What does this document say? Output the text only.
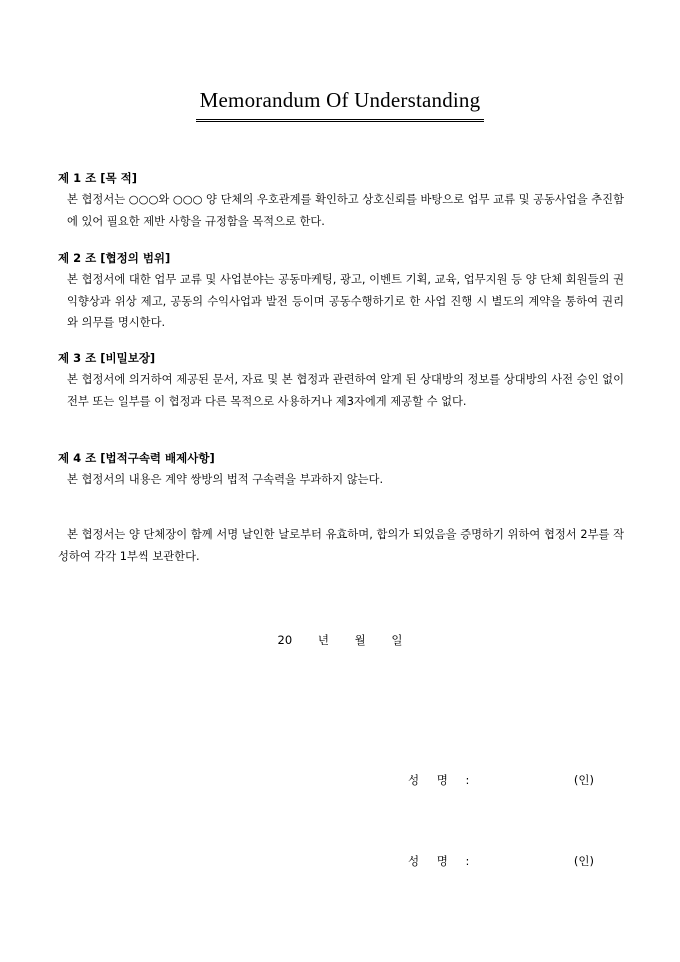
Memorandum Of Understanding
제 1 조 [목 적]
본 협정서는 ○○○와 ○○○ 양 단체의 우호관계를 확인하고 상호신뢰를 바탕으로 업무 교류 및 공동사업을 추진함에 있어 필요한 제반 사항을 규정함을 목적으로 한다.
제 2 조 [협정의 범위]
본 협정서에 대한 업무 교류 및 사업분야는 공동마케팅, 광고, 이벤트 기획, 교육, 업무지원 등 양 단체 회원들의 권익향상과 위상 제고, 공동의 수익사업과 발전 등이며 공동수행하기로 한 사업 진행 시 별도의 계약을 통하여 권리와 의무를 명시한다.
제 3 조 [비밀보장]
본 협정서에 의거하여 제공된 문서, 자료 및 본 협정과 관련하여 알게 된 상대방의 정보를 상대방의 사전 승인 없이 전부 또는 일부를 이 협정과 다른 목적으로 사용하거나 제3자에게 제공할 수 없다.
제 4 조 [법적구속력 배제사항]
본 협정서의 내용은 계약 쌍방의 법적 구속력을 부과하지 않는다.
본 협정서는 양 단체장이 함께 서명 날인한 날로부터 유효하며, 합의가 되었음을 증명하기 위하여 협정서 2부를 작성하여 각각 1부씩 보관한다.
20 년 월 일
성 명 :	(인)
성 명 :	(인)
